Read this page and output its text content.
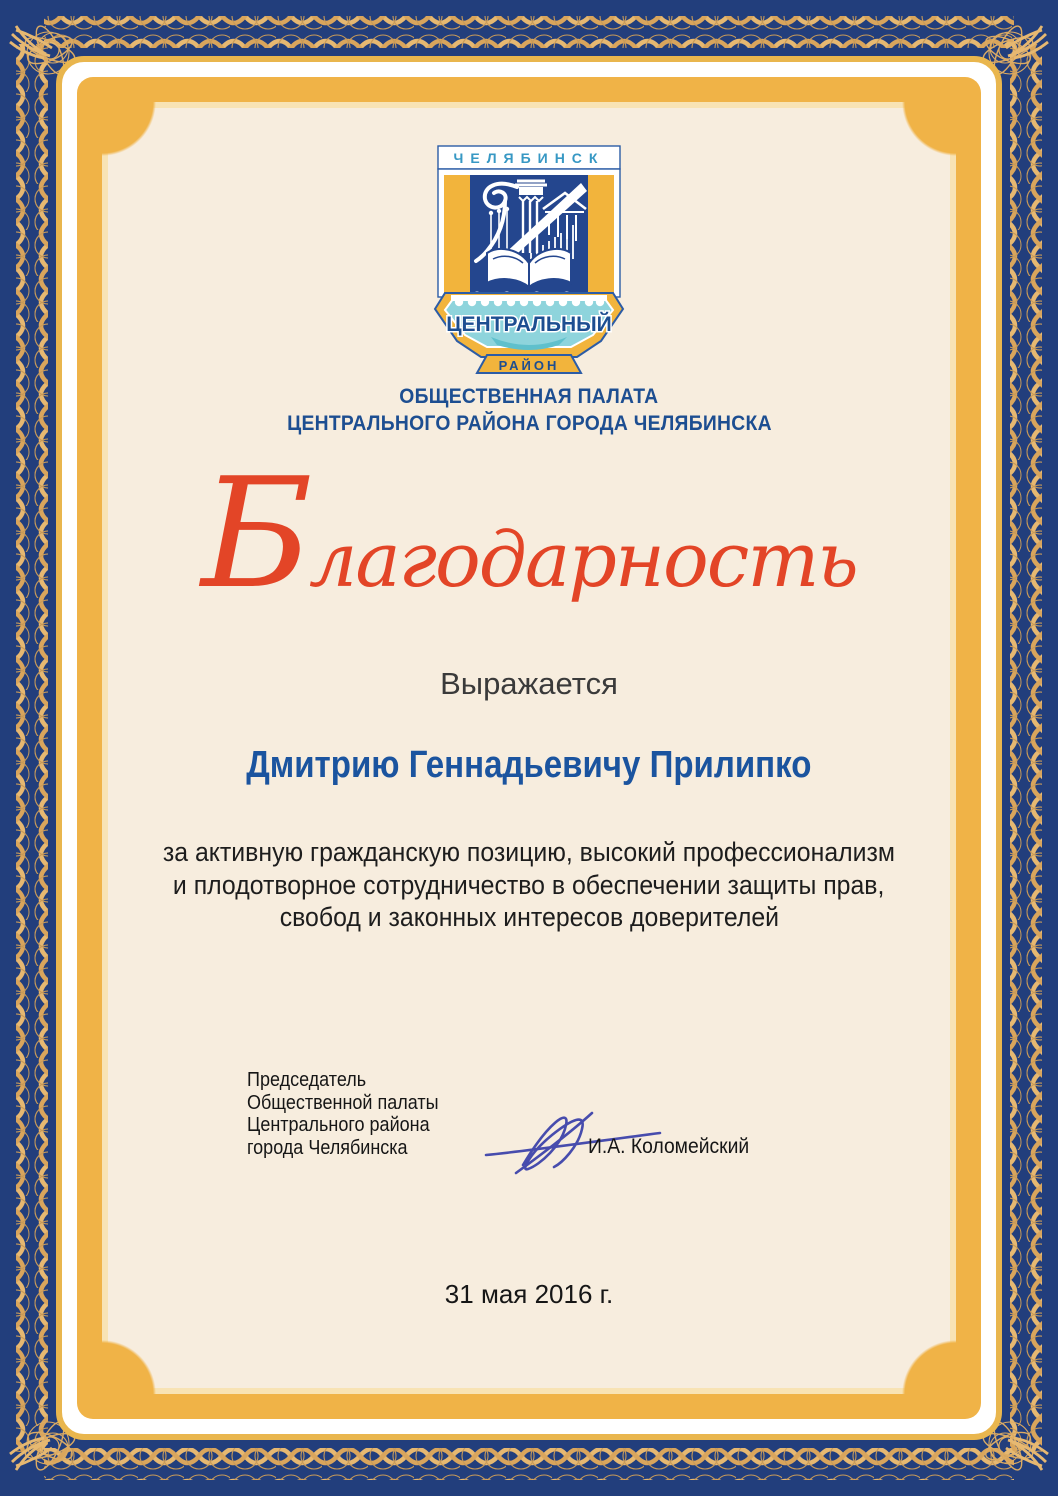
ЧЕЛЯБИНСК
ЦЕНТРАЛЬНЫЙ
РАЙОН
ОБЩЕСТВЕННАЯ ПАЛАТА
ЦЕНТРАЛЬНОГО РАЙОНА ГОРОДА ЧЕЛЯБИНСКА
Б лагодарность
Выражается
Дмитрию Геннадьевичу Прилипко
за активную гражданскую позицию, высокий профессионализм
и плодотворное сотрудничество в обеспечении защиты прав,
свобод и законных интересов доверителей
Председатель
Общественной палаты
Центрального района
города Челябинска	И.А. Коломейский
31 мая 2016 г.
